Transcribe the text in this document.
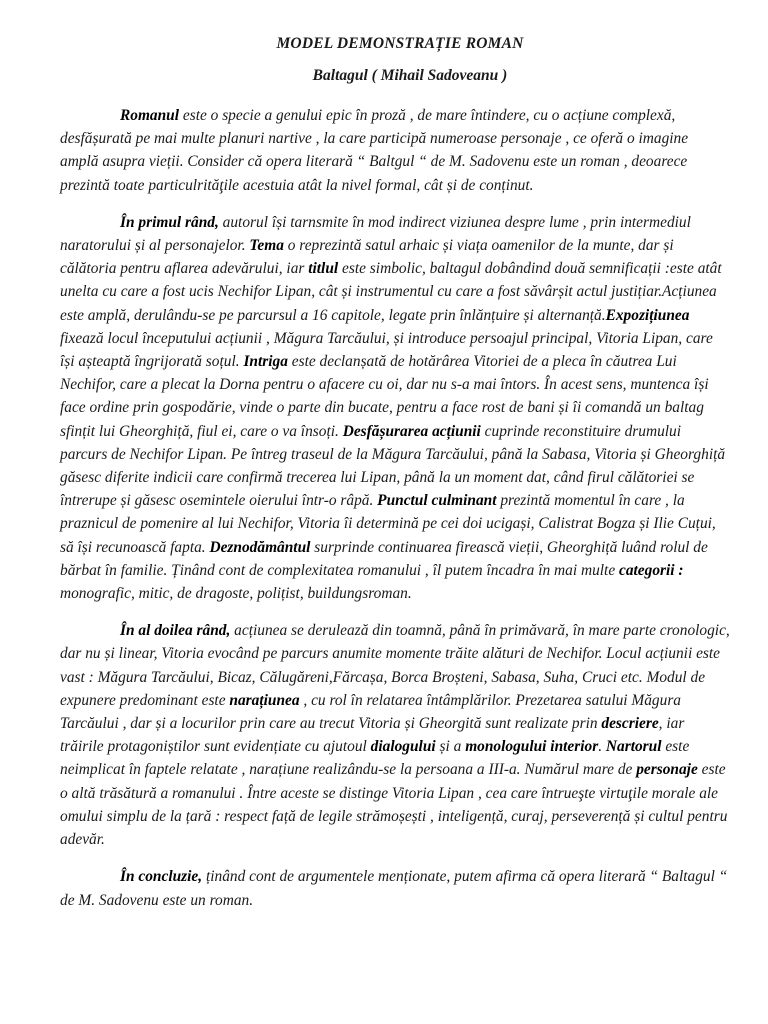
MODEL DEMONSTRAȚIE ROMAN
Baltagul ( Mihail Sadoveanu )

Romanul este o specie a genului epic în proză , de mare întindere, cu o acțiune complexă, desfășurată pe mai multe planuri nartive , la care participă numeroase personaje , ce oferă o imagine amplă asupra vieții. Consider că opera literară “ Baltgul “ de M. Sadovenu este un roman , deoarece prezintă toate particulrităţile acestuia atât la nivel formal, cât și de conținut.

În primul rând, autorul își tarnsmite în mod indirect viziunea despre lume , prin intermediul naratorului și al personajelor. Tema o reprezintă satul arhaic și viața oamenilor de la munte, dar și călătoria pentru aflarea adevărului, iar titlul este simbolic, baltagul dobândind două semnificații :este atât unelta cu care a fost ucis Nechifor Lipan, cât și instrumentul cu care a fost săvârșit actul justițiar.Acțiunea este amplă, derulându-se pe parcursul a 16 capitole, legate prin înlănțuire și alternanță.Expozițiunea fixează locul începutului acțiunii , Măgura Tarcăului, și introduce persoajul principal, Vitoria Lipan, care își așteaptă îngrijorată soțul. Intriga este declanșată de hotărârea Vitoriei de a pleca în căutrea Lui Nechifor, care a plecat la Dorna pentru o afacere cu oi, dar nu s-a mai întors. În acest sens, muntenca își face ordine prin gospodărie, vinde o parte din bucate, pentru a face rost de bani și îi comandă un baltag sfințit lui Gheorghiță, fiul ei, care o va însoți. Desfășurarea acțiunii cuprinde reconstituire drumului parcurs de Nechifor Lipan. Pe întreg traseul de la Măgura Tarcăului, până la Sabasa, Vitoria și Gheorghiță găsesc diferite indicii care confirmă trecerea lui Lipan, până la un moment dat, când firul călătoriei se întrerupe și găsesc osemintele oierului într-o râpă. Punctul culminant prezintă momentul în care , la praznicul de pomenire al lui Nechifor, Vitoria îi determină pe cei doi ucigași, Calistrat Bogza și Ilie Cuțui, să își recunoască fapta. Deznodământul surprinde continuarea firească vieții, Gheorghiță luând rolul de bărbat în familie. Ținând cont de complexitatea romanului , îl putem încadra în mai multe categorii : monografic, mitic, de dragoste, polițist, buildungsroman.

În al doilea rând, acțiunea se derulează din toamnă, până în primăvară, în mare parte cronologic, dar nu și linear, Vitoria evocând pe parcurs anumite momente trăite alături de Nechifor. Locul acțiunii este vast : Măgura Tarcăului, Bicaz, Călugăreni,Fărcașa, Borca Broșteni, Sabasa, Suha, Cruci etc. Modul de expunere predominant este narațiunea , cu rol în relatarea întâmplărilor. Prezetarea satului Măgura Tarcăului , dar și a locurilor prin care au trecut Vitoria și Gheorgită sunt realizate prin descriere, iar trăirile protagoniștilor sunt evidențiate cu ajutoul dialogului și a monologului interior. Nartorul este neimplicat în faptele relatate , narațiune realizându-se la persoana a III-a. Numărul mare de personaje este o altă trăsătură a romanului . Între aceste se distinge Vitoria Lipan , cea care întrueşte virtuţile morale ale omului simplu de la țară : respect față de legile strămoșești , inteligență, curaj, perseverență și cultul pentru adevăr.

În concluzie, ținând cont de argumentele menționate, putem afirma că opera literară “ Baltagul “ de M. Sadovenu este un roman.
